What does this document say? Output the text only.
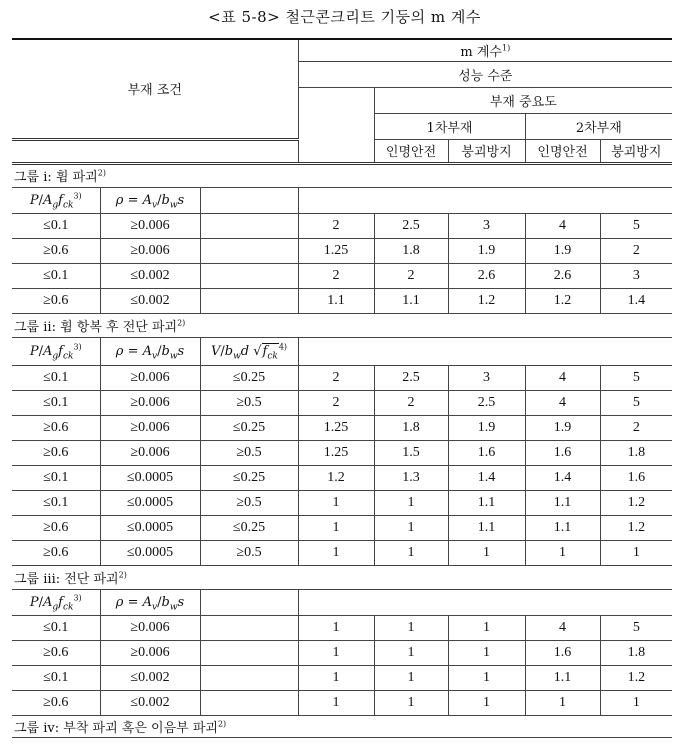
<표 5-8> 철근콘크리트 기둥의 m 계수
부재 조건			m 계수$^{1)}$
			성능 수준				
				부재 중요도			
				1차부재		2차부재	
				인명안전	붕괴방지	인명안전	붕괴방지
그룹 i: 휨 파괴$^{2)}$
$P/A_gf_{ck}^{3)}$	$\rho = A_v/b_ws$						
≤0.1	≥0.006		2	2.5	3	4	5
≥0.6	≥0.006		1.25	1.8	1.9	1.9	2
≤0.1	≤0.002		2	2	2.6	2.6	3
≥0.6	≤0.002		1.1	1.1	1.2	1.2	1.4
그룹 ii: 휨 항복 후 전단 파괴$^{2)}$
$P/A_gf_{ck}^{3)}$	$\rho = A_v/b_ws$	$V/b_wd$ $√f_{ck}^{4)}$	
≤0.1	≥0.006	≤0.25	2	2.5	3	4	5
≤0.1	≥0.006	≥0.5	2	2	2.5	4	5
≥0.6	≥0.006	≤0.25	1.25	1.8	1.9	1.9	2
≥0.6	≥0.006	≥0.5	1.25	1.5	1.6	1.6	1.8
≤0.1	≤0.0005	≤0.25	1.2	1.3	1.4	1.4	1.6
≤0.1	≤0.0005	≥0.5	1	1	1.1	1.1	1.2
≥0.6	≤0.0005	≤0.25	1	1	1.1	1.1	1.2
≥0.6	≤0.0005	≥0.5	1	1	1	1	1
그룹 iii: 전단 파괴$^{2)}$
$P/A_gf_{ck}^{3)}$	$\rho = A_v/b_ws$						
≤0.1	≥0.006		1	1	1	4	5
≥0.6	≥0.006		1	1	1	1.6	1.8
≤0.1	≤0.002		1	1	1	1.1	1.2
≥0.6	≤0.002		1	1	1	1	1
그룹 iv: 부착 파괴 혹은 이음부 파괴$^{2)}$
